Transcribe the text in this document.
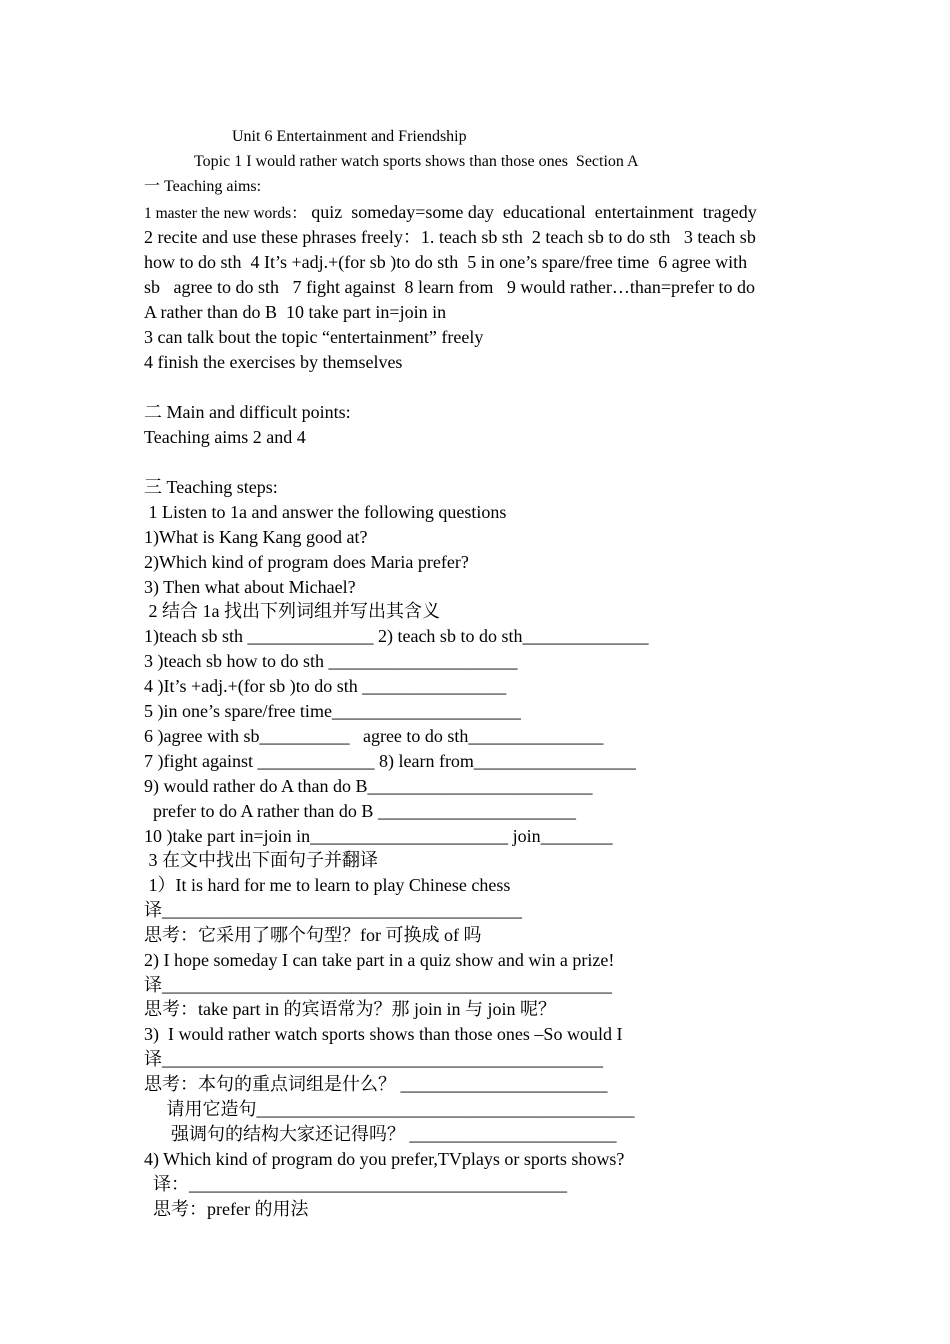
Unit 6 Entertainment and Friendship
Topic 1 I would rather watch sports shows than those ones  Section A
一 Teaching aims:
1 master the new words： quiz  someday=some day  educational  entertainment  tragedy
2 recite and use these phrases freely：1. teach sb sth  2 teach sb to do sth   3 teach sb
how to do sth  4 It’s +adj.+(for sb )to do sth  5 in one’s spare/free time  6 agree with
sb   agree to do sth   7 fight against  8 learn from   9 would rather…than=prefer to do
A rather than do B  10 take part in=join in
3 can talk bout the topic “entertainment” freely
4 finish the exercises by themselves
二 Main and difficult points:
Teaching aims 2 and 4
三 Teaching steps:
1 Listen to 1a and answer the following questions
1)What is Kang Kang good at?
2)Which kind of program does Maria prefer?
3) Then what about Michael?
2 结合 1a 找出下列词组并写出其含义
1)teach sb sth ______________ 2) teach sb to do sth______________
3 )teach sb how to do sth _____________________
4 )It’s +adj.+(for sb )to do sth ________________
5 )in one’s spare/free time_____________________
6 )agree with sb__________   agree to do sth_______________
7 )fight against _____________ 8) learn from__________________
9) would rather do A than do B_________________________
prefer to do A rather than do B ______________________
10 )take part in=join in______________________ join________
3 在文中找出下面句子并翻译
1）It is hard for me to learn to play Chinese chess
译________________________________________
思考：它采用了哪个句型？for 可换成 of 吗
2) I hope someday I can take part in a quiz show and win a prize!
译__________________________________________________
思考：take part in 的宾语常为？那 join in 与 join 呢？
3)  I would rather watch sports shows than those ones –So would I
译_________________________________________________
思考：本句的重点词组是什么？ _______________________
请用它造句__________________________________________
强调句的结构大家还记得吗？ _______________________
4) Which kind of program do you prefer,TVplays or sports shows?
译：__________________________________________
思考：prefer 的用法
